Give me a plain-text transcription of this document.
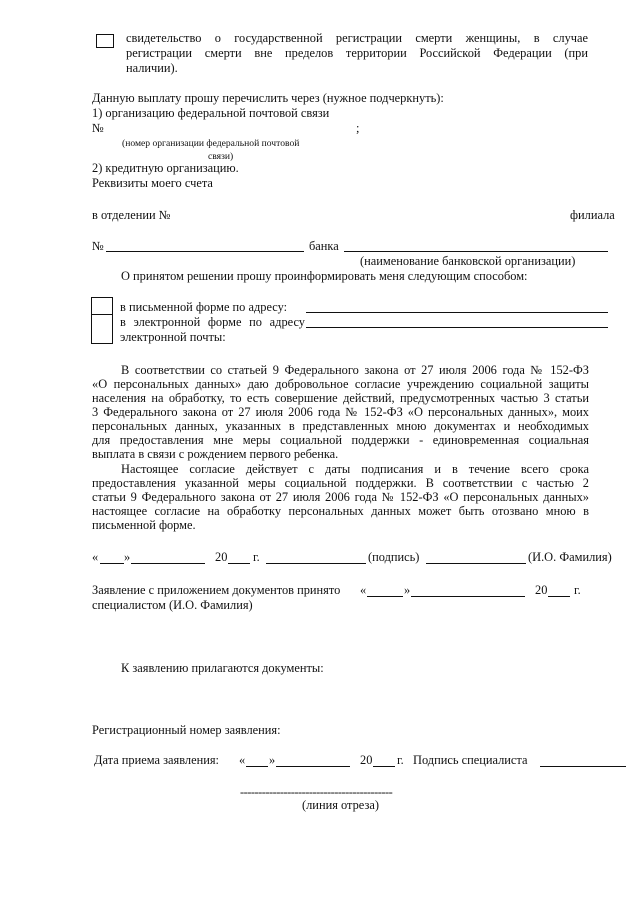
свидетельство о государственной регистрации смерти женщины, в случае
регистрации смерти вне пределов территории Российской Федерации (при
наличии).
Данную выплату прошу перечислить через (нужное подчеркнуть):
1) организацию федеральной почтовой связи
№	;
(номер организации федеральной почтовой
связи)
2) кредитную организацию.
Реквизиты моего счета
в отделении №	филиала
№	банка
(наименование банковской организации)
О принятом решении прошу проинформировать меня следующим способом:
в письменной форме по адресу:
в электронной форме по адресу
электронной почты:
В соответствии со статьей 9 Федерального закона от 27 июля 2006 года № 152-ФЗ
«О персональных данных» даю добровольное согласие учреждению социальной защиты
населения на обработку, то есть совершение действий, предусмотренных частью 3 статьи
3 Федерального закона от 27 июля 2006 года № 152-ФЗ «О персональных данных», моих
персональных данных, указанных в представленных мною документах и необходимых
для предоставления мне меры социальной поддержки - единовременная социальная
выплата в связи с рождением первого ребенка.
Настоящее согласие действует с даты подписания и в течение всего срока
предоставления указанной меры социальной поддержки. В соответствии с частью 2
статьи 9 Федерального закона от 27 июля 2006 года № 152-ФЗ «О персональных данных»
настоящее согласие на обработку персональных данных может быть отозвано мною в
письменной форме.
« »	20 г.	(подпись)	(И.О. Фамилия)
Заявление с приложением документов принято «	»	20 г.
специалистом (И.О. Фамилия)
К заявлению прилагаются документы:
Регистрационный номер заявления:
Дата приема заявления: « »	20 г. Подпись специалиста
------------------------------------------
(линия отреза)
